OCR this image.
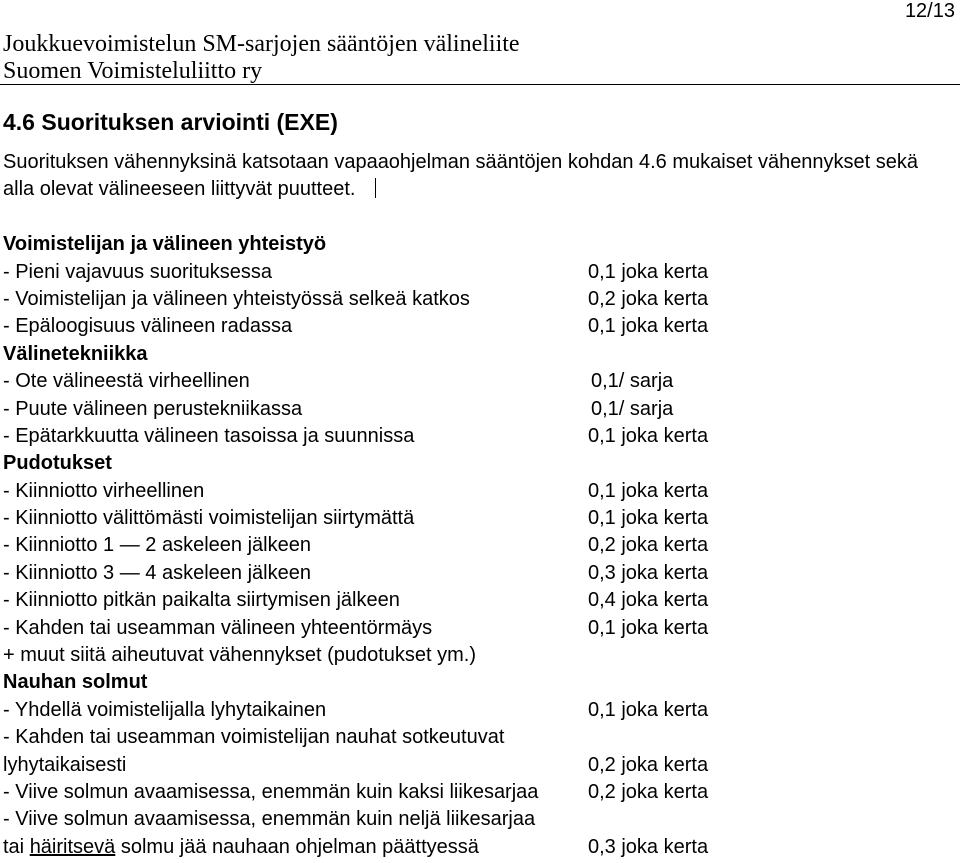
12/13
Joukkuevoimistelun SM-sarjojen sääntöjen välineliite
Suomen Voimisteluliitto ry
4.6 Suorituksen arviointi (EXE)
Suorituksen vähennyksinä katsotaan vapaaohjelman sääntöjen kohdan 4.6 mukaiset vähennykset sekä
alla olevat välineeseen liittyvät puutteet.
Voimistelijan ja välineen yhteistyö
- Pieni vajavuus suorituksessa	0,1 joka kerta
- Voimistelijan ja välineen yhteistyössä selkeä katkos	0,2 joka kerta
- Epäloogisuus välineen radassa	0,1 joka kerta
Välinetekniikka
- Ote välineestä virheellinen	0,1/ sarja
- Puute välineen perustekniikassa	0,1/ sarja
- Epätarkkuutta välineen tasoissa ja suunnissa	0,1 joka kerta
Pudotukset
- Kiinniotto virheellinen	0,1 joka kerta
- Kiinniotto välittömästi voimistelijan siirtymättä	0,1 joka kerta
- Kiinniotto 1 — 2 askeleen jälkeen	0,2 joka kerta
- Kiinniotto 3 — 4 askeleen jälkeen	0,3 joka kerta
- Kiinniotto pitkän paikalta siirtymisen jälkeen	0,4 joka kerta
- Kahden tai useamman välineen yhteentörmäys	0,1 joka kerta
+ muut siitä aiheutuvat vähennykset (pudotukset ym.)
Nauhan solmut
- Yhdellä voimistelijalla lyhytaikainen	0,1 joka kerta
- Kahden tai useamman voimistelijan nauhat sotkeutuvat
lyhytaikaisesti	0,2 joka kerta
- Viive solmun avaamisessa, enemmän kuin kaksi liikesarjaa 0,2 joka kerta
- Viive solmun avaamisessa, enemmän kuin neljä liikesarjaa
tai häiritsevä solmu jää nauhaan ohjelman päättyessä	0,3 joka kerta
